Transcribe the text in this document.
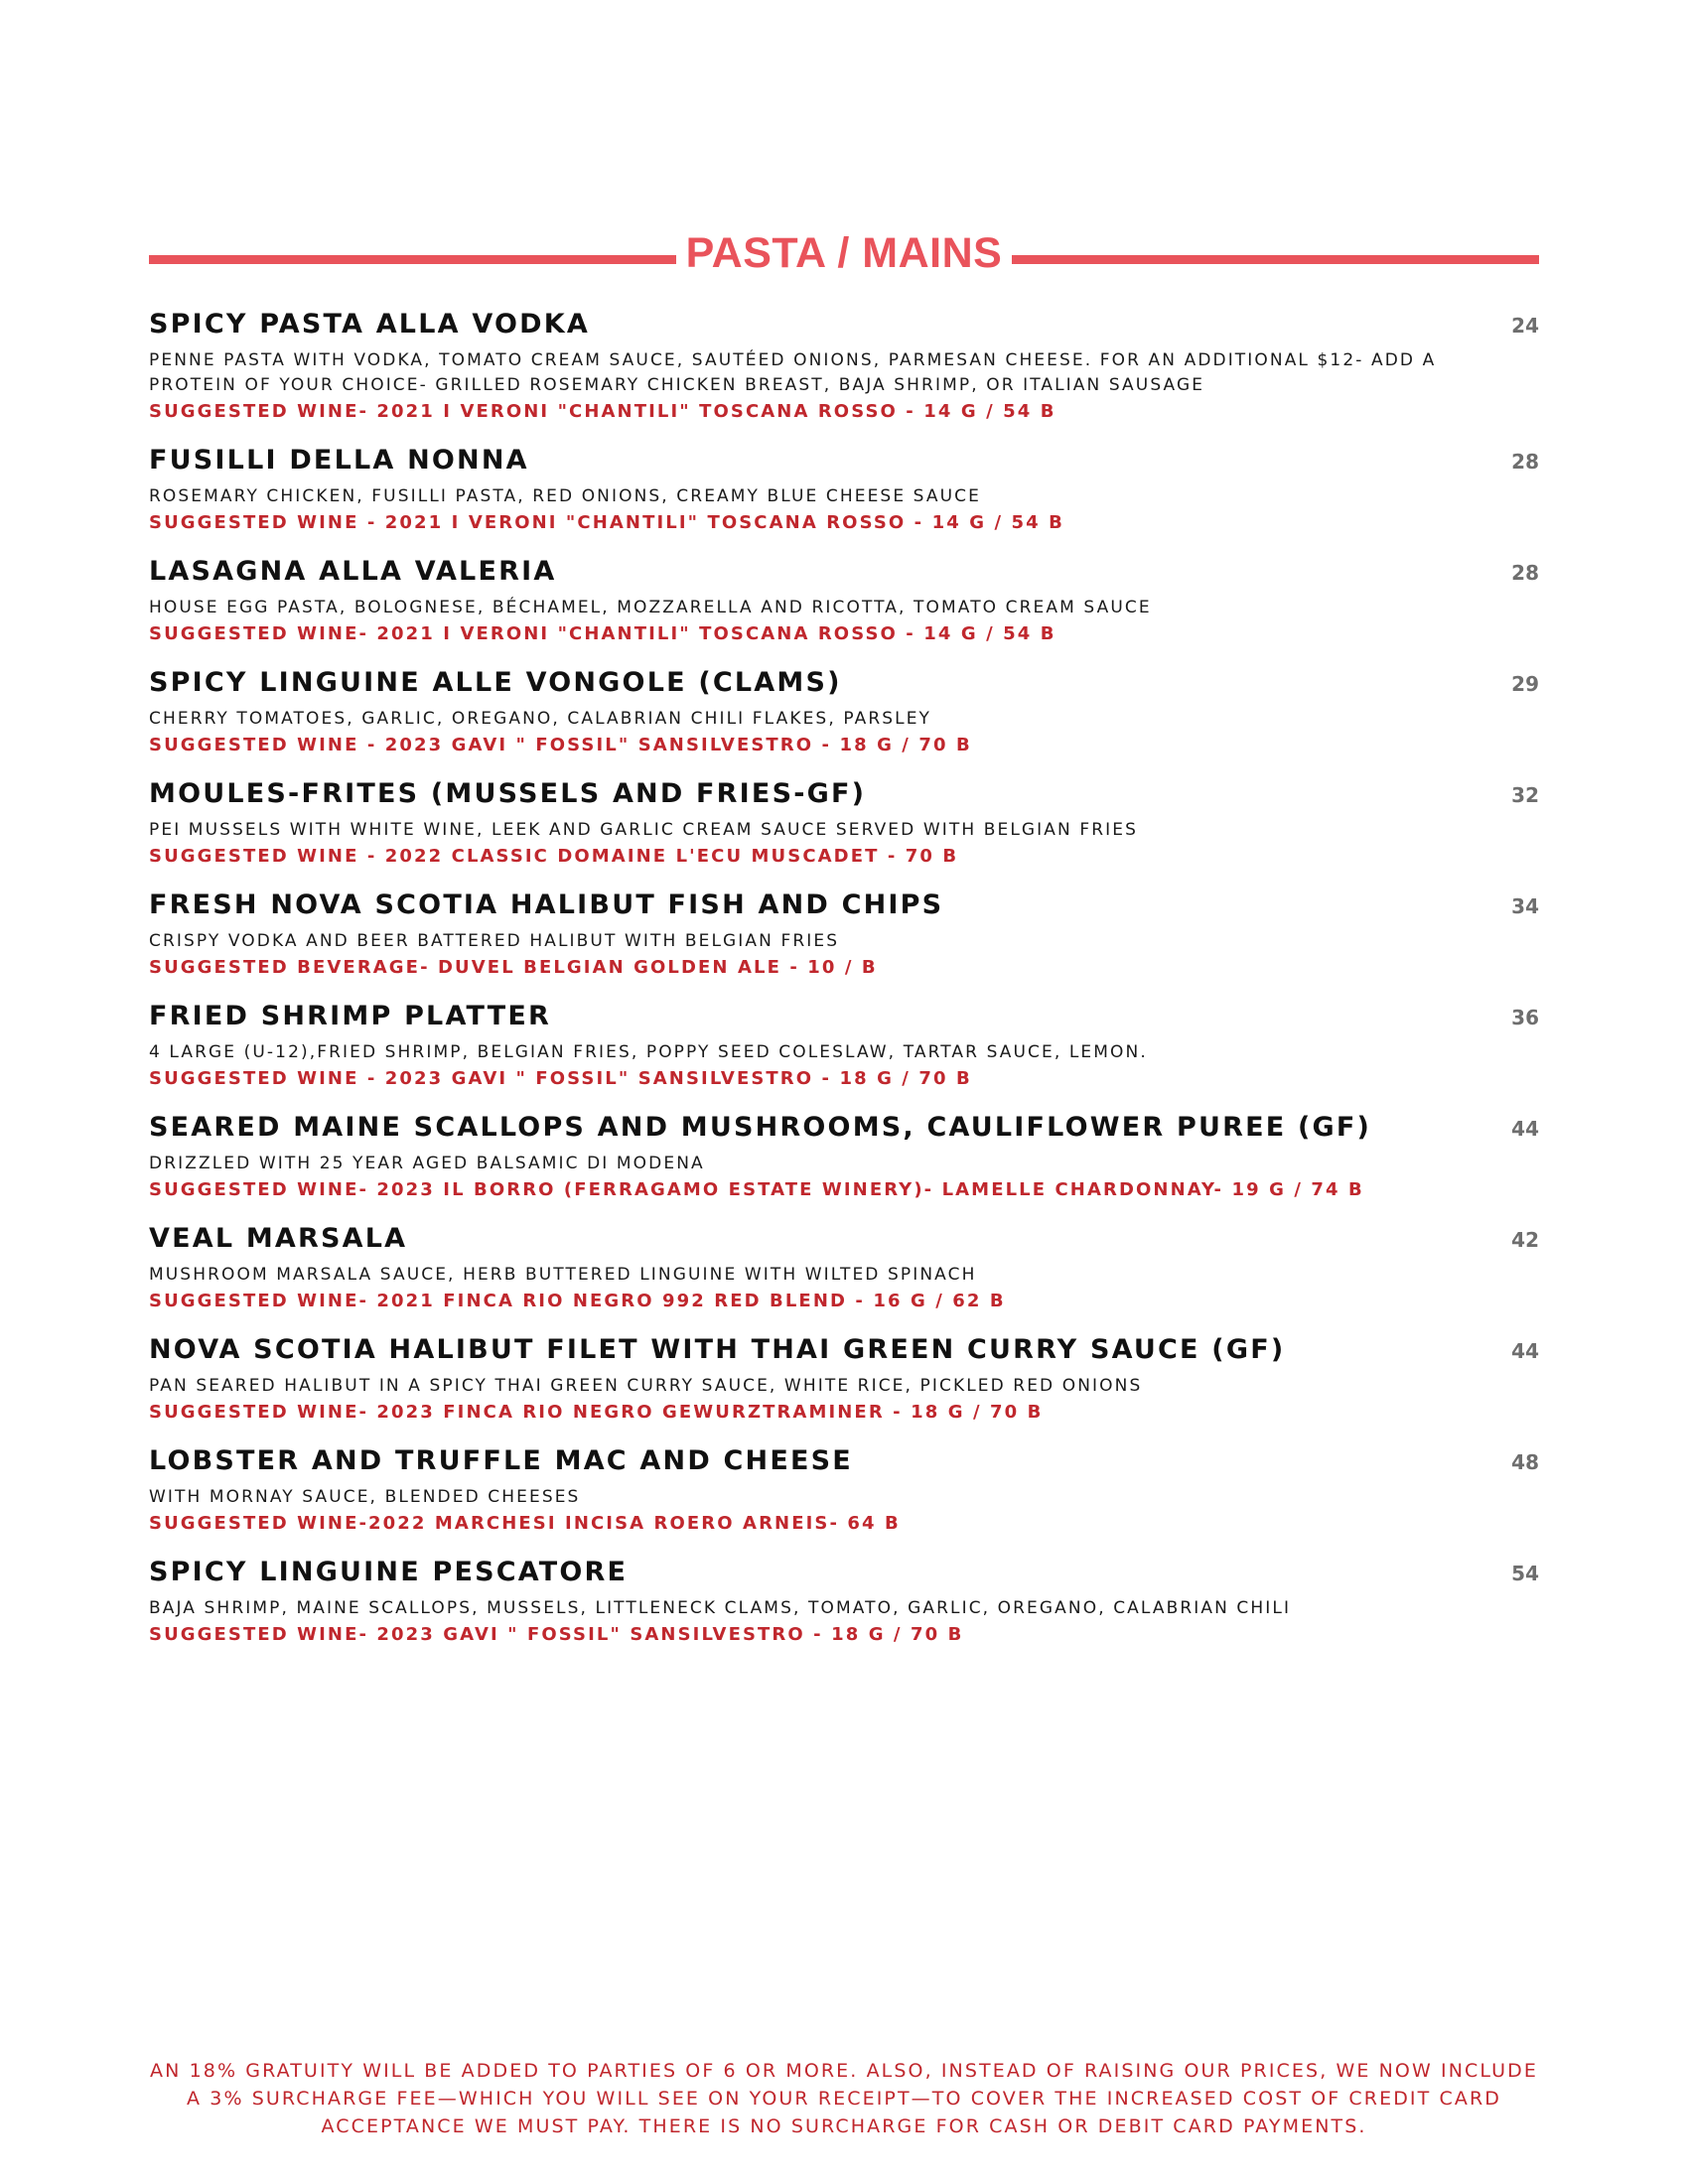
PASTA / MAINS
SPICY PASTA ALLA VODKA	24
PENNE PASTA WITH VODKA, TOMATO CREAM SAUCE, SAUTÉED ONIONS, PARMESAN CHEESE. FOR AN ADDITIONAL $12- ADD A PROTEIN OF YOUR CHOICE- GRILLED ROSEMARY CHICKEN BREAST, BAJA SHRIMP, OR ITALIAN SAUSAGE
SUGGESTED WINE- 2021 I VERONI "CHANTILI" TOSCANA ROSSO - 14 G / 54 B
FUSILLI DELLA NONNA	28
ROSEMARY CHICKEN, FUSILLI PASTA, RED ONIONS, CREAMY BLUE CHEESE SAUCE
SUGGESTED WINE - 2021 I VERONI "CHANTILI" TOSCANA ROSSO - 14 G / 54 B
LASAGNA ALLA VALERIA	28
HOUSE EGG PASTA, BOLOGNESE, BÉCHAMEL, MOZZARELLA AND RICOTTA, TOMATO CREAM SAUCE
SUGGESTED WINE- 2021 I VERONI "CHANTILI" TOSCANA ROSSO - 14 G / 54 B
SPICY LINGUINE ALLE VONGOLE (CLAMS)	29
CHERRY TOMATOES, GARLIC, OREGANO, CALABRIAN CHILI FLAKES, PARSLEY
SUGGESTED WINE - 2023 GAVI " FOSSIL" SANSILVESTRO - 18 G / 70 B
MOULES-FRITES (MUSSELS AND FRIES-GF)	32
PEI MUSSELS WITH WHITE WINE, LEEK AND GARLIC CREAM SAUCE SERVED WITH BELGIAN FRIES
SUGGESTED WINE - 2022 CLASSIC DOMAINE L'ECU MUSCADET - 70 B
FRESH NOVA SCOTIA HALIBUT FISH AND CHIPS	34
CRISPY VODKA AND BEER BATTERED HALIBUT WITH BELGIAN FRIES
SUGGESTED BEVERAGE- DUVEL BELGIAN GOLDEN ALE - 10 / B
FRIED SHRIMP PLATTER	36
4 LARGE (U-12),FRIED SHRIMP, BELGIAN FRIES, POPPY SEED COLESLAW, TARTAR SAUCE, LEMON.
SUGGESTED WINE - 2023 GAVI " FOSSIL" SANSILVESTRO - 18 G / 70 B
SEARED MAINE SCALLOPS AND MUSHROOMS, CAULIFLOWER PUREE (GF)	44
DRIZZLED WITH 25 YEAR AGED BALSAMIC DI MODENA
SUGGESTED WINE- 2023 IL BORRO (FERRAGAMO ESTATE WINERY)- LAMELLE CHARDONNAY- 19 G / 74 B
VEAL MARSALA	42
MUSHROOM MARSALA SAUCE, HERB BUTTERED LINGUINE WITH WILTED SPINACH
SUGGESTED WINE- 2021 FINCA RIO NEGRO 992 RED BLEND - 16 G / 62 B
NOVA SCOTIA HALIBUT FILET WITH THAI GREEN CURRY SAUCE (GF)	44
PAN SEARED HALIBUT IN A SPICY THAI GREEN CURRY SAUCE, WHITE RICE, PICKLED RED ONIONS
SUGGESTED WINE- 2023 FINCA RIO NEGRO GEWURZTRAMINER - 18 G / 70 B
LOBSTER AND TRUFFLE MAC AND CHEESE	48
WITH MORNAY SAUCE, BLENDED CHEESES
SUGGESTED WINE-2022 MARCHESI INCISA ROERO ARNEIS- 64 B
SPICY LINGUINE PESCATORE	54
BAJA SHRIMP, MAINE SCALLOPS, MUSSELS, LITTLENECK CLAMS, TOMATO, GARLIC, OREGANO, CALABRIAN CHILI
SUGGESTED WINE- 2023 GAVI " FOSSIL" SANSILVESTRO - 18 G / 70 B
AN 18% GRATUITY WILL BE ADDED TO PARTIES OF 6 OR MORE. ALSO, INSTEAD OF RAISING OUR PRICES, WE NOW INCLUDE A 3% SURCHARGE FEE—WHICH YOU WILL SEE ON YOUR RECEIPT—TO COVER THE INCREASED COST OF CREDIT CARD ACCEPTANCE WE MUST PAY. THERE IS NO SURCHARGE FOR CASH OR DEBIT CARD PAYMENTS.
